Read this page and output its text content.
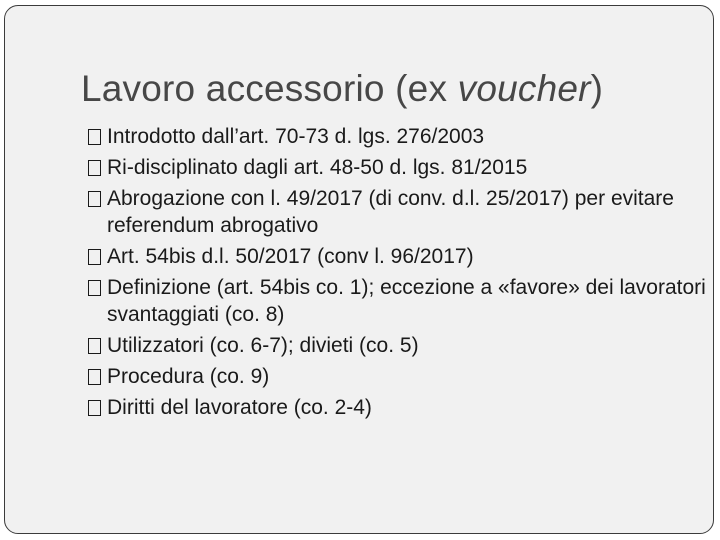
Lavoro accessorio (ex voucher)
Introdotto dall’art. 70-73 d. lgs. 276/2003
Ri-disciplinato dagli art. 48-50 d. lgs. 81/2015
Abrogazione con l. 49/2017 (di conv. d.l. 25/2017) per evitare referendum abrogativo
Art. 54bis d.l. 50/2017 (conv l. 96/2017)
Definizione (art. 54bis co. 1); eccezione a «favore» dei lavoratori svantaggiati (co. 8)
Utilizzatori (co. 6-7); divieti (co. 5)
Procedura (co. 9)
Diritti del lavoratore (co. 2-4)
